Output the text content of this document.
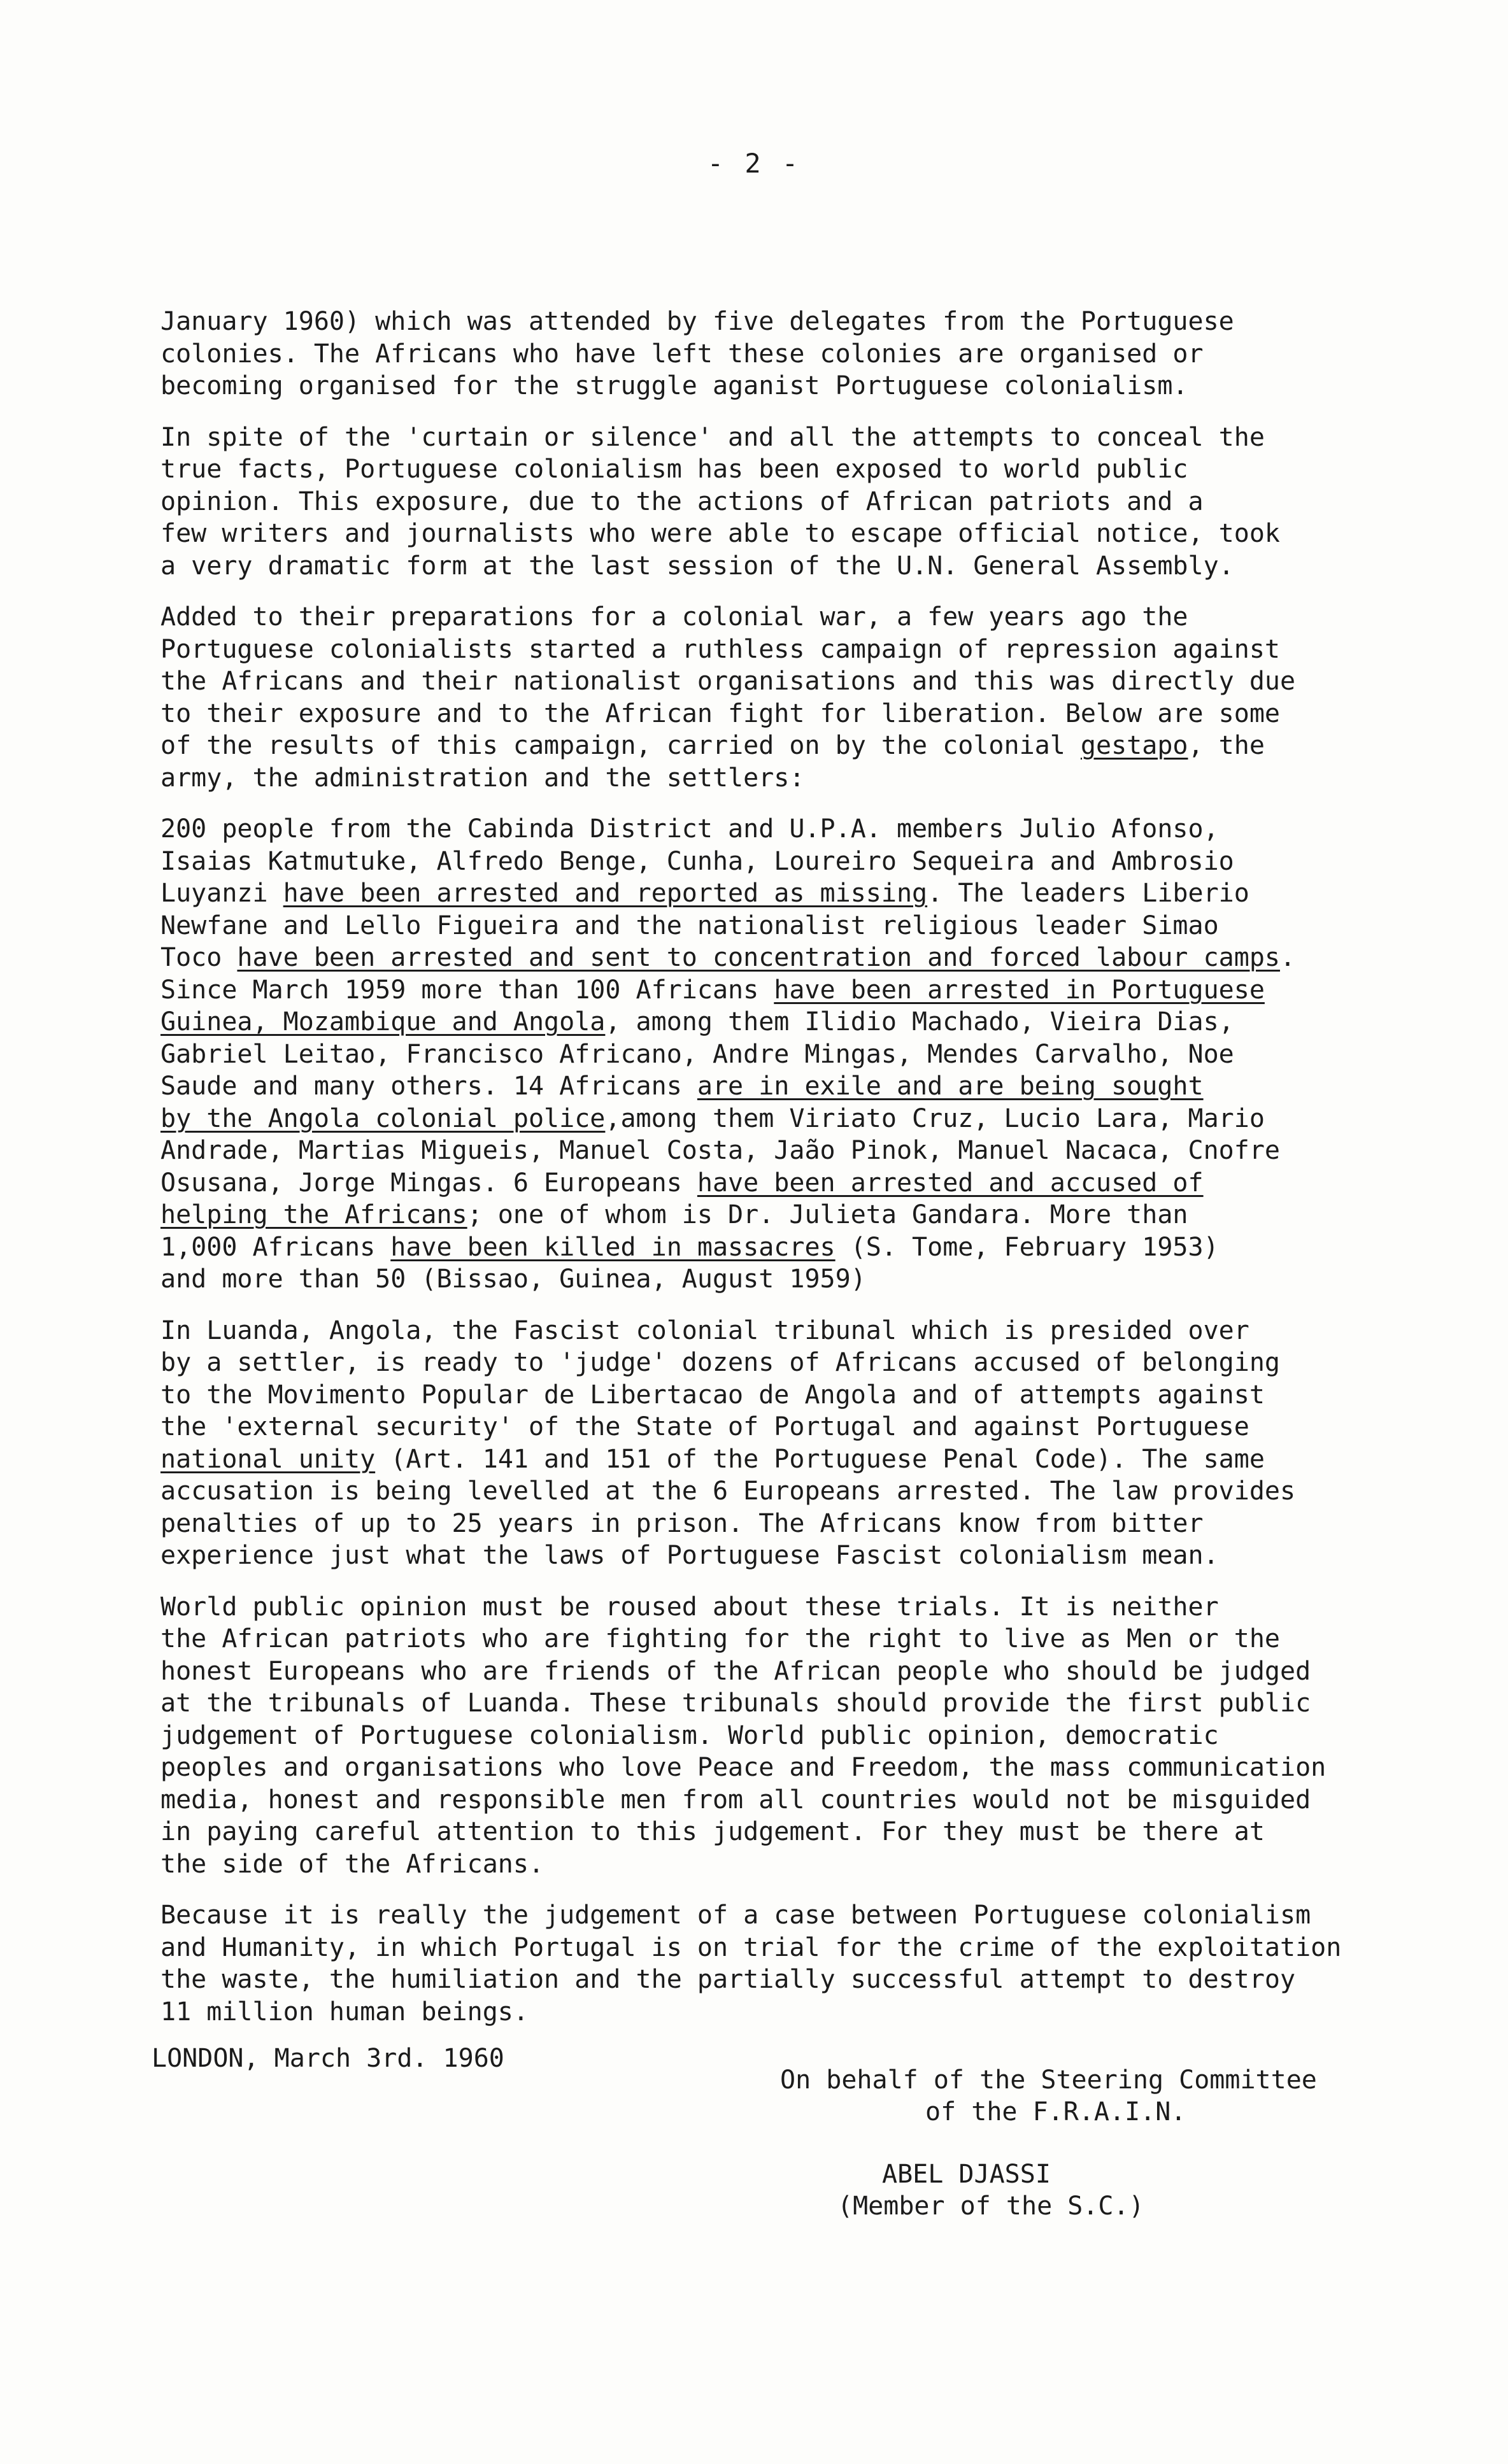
- 2 -

January 1960) which was attended by five delegates from the Portuguese
colonies. The Africans who have left these colonies are organised or
becoming organised for the struggle aganist Portuguese colonialism.

In spite of the 'curtain or silence' and all the attempts to conceal the
true facts, Portuguese colonialism has been exposed to world public
opinion. This exposure, due to the actions of African patriots and a
few writers and journalists who were able to escape official notice, took
a very dramatic form at the last session of the U.N. General Assembly.

Added to their preparations for a colonial war, a few years ago the
Portuguese colonialists started a ruthless campaign of repression against
the Africans and their nationalist organisations and this was directly due
to their exposure and to the African fight for liberation. Below are some
of the results of this campaign, carried on by the colonial gestapo, the
army, the administration and the settlers:

200 people from the Cabinda District and U.P.A. members Julio Afonso,
Isaias Katmutuke, Alfredo Benge, Cunha, Loureiro Sequeira and Ambrosio
Luyanzi have been arrested and reported as missing. The leaders Liberio
Newfane and Lello Figueira and the nationalist religious leader Simao
Toco have been arrested and sent to concentration and forced labour camps.
Since March 1959 more than 100 Africans have been arrested in Portuguese
Guinea, Mozambique and Angola, among them Ilidio Machado, Vieira Dias,
Gabriel Leitao, Francisco Africano, Andre Mingas, Mendes Carvalho, Noe
Saude and many others. 14 Africans are in exile and are being sought
by the Angola colonial police,among them Viriato Cruz, Lucio Lara, Mario
Andrade, Martias Migueis, Manuel Costa, Jaão Pinok, Manuel Nacaca, Cnofre
Osusana, Jorge Mingas. 6 Europeans have been arrested and accused of
helping the Africans; one of whom is Dr. Julieta Gandara. More than
1,000 Africans have been killed in massacres (S. Tome, February 1953)
and more than 50 (Bissao, Guinea, August 1959)

In Luanda, Angola, the Fascist colonial tribunal which is presided over
by a settler, is ready to 'judge' dozens of Africans accused of belonging
to the Movimento Popular de Libertacao de Angola and of attempts against
the 'external security' of the State of Portugal and against Portuguese
national unity (Art. 141 and 151 of the Portuguese Penal Code). The same
accusation is being levelled at the 6 Europeans arrested. The law provides
penalties of up to 25 years in prison. The Africans know from bitter
experience just what the laws of Portuguese Fascist colonialism mean.

World public opinion must be roused about these trials. It is neither
the African patriots who are fighting for the right to live as Men or the
honest Europeans who are friends of the African people who should be judged
at the tribunals of Luanda. These tribunals should provide the first public
judgement of Portuguese colonialism. World public opinion, democratic
peoples and organisations who love Peace and Freedom, the mass communication
media, honest and responsible men from all countries would not be misguided
in paying careful attention to this judgement. For they must be there at
the side of the Africans.

Because it is really the judgement of a case between Portuguese colonialism
and Humanity, in which Portugal is on trial for the crime of the exploitation
the waste, the humiliation and the partially successful attempt to destroy
11 million human beings.

LONDON, March 3rd. 1960

On behalf of the Steering Committee

of the F.R.A.I.N.

ABEL DJASSI

(Member of the S.C.)
